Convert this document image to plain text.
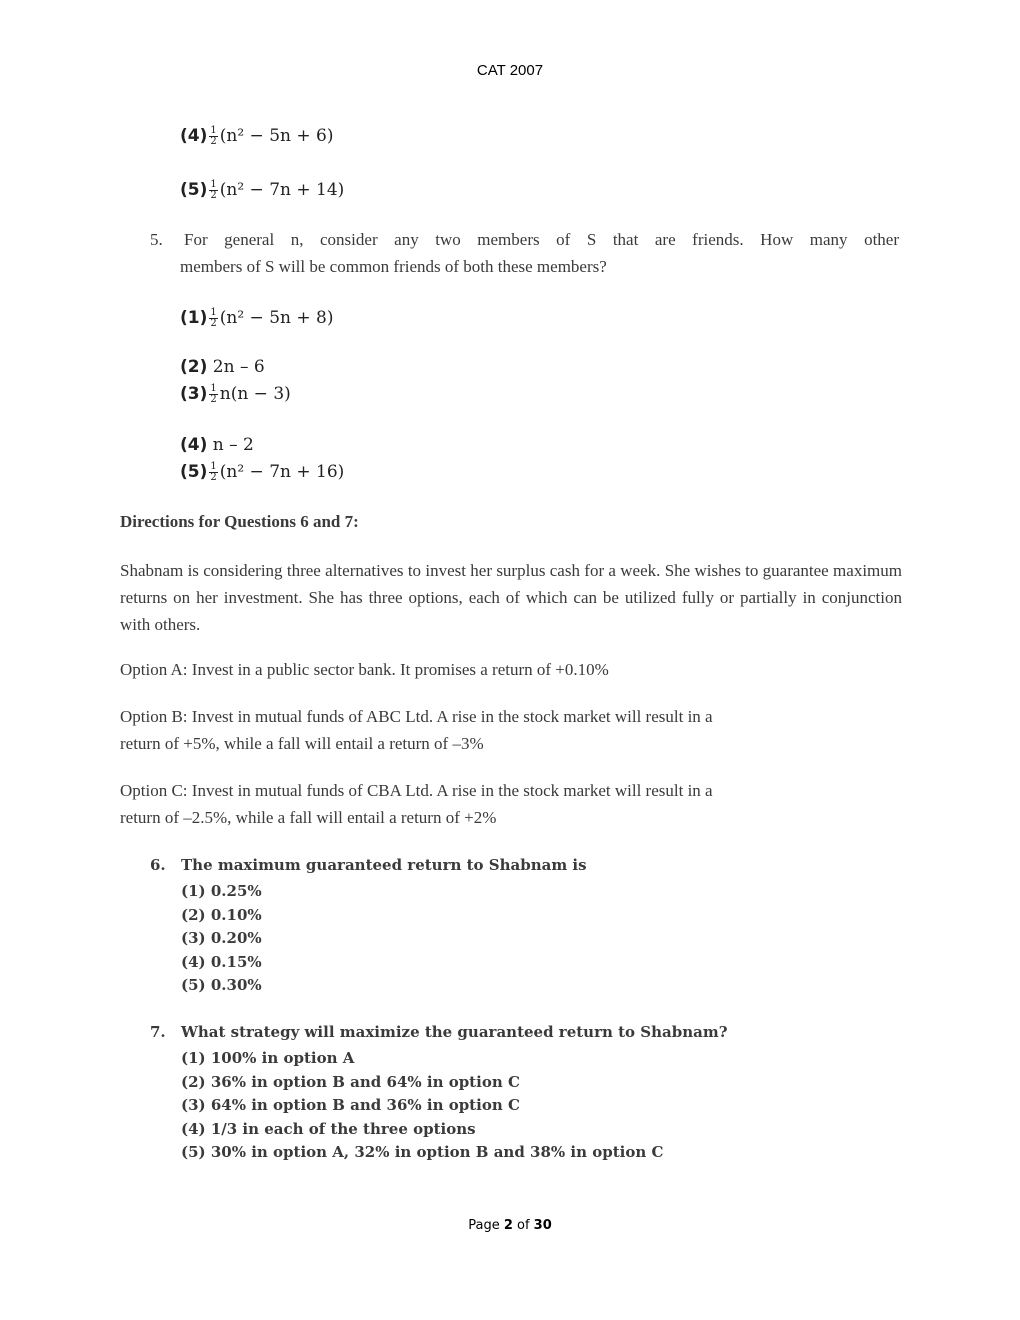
CAT 2007
$(4) \frac{1}{2} (n^2 - 5n + 6)$
$(5) \frac{1}{2} (n^2 - 7n + 14)$
5. For general n, consider any two members of S that are friends. How many other
members of S will be common friends of both these members?
$(1) \frac{1}{2} (n^2 - 5n + 8)$
(2) 2n – 6
$(3) \frac{1}{2} n(n - 3)$
(4) n – 2
$(5) \frac{1}{2} (n^2 - 7n + 16)$
Directions for Questions 6 and 7:
Shabnam is considering three alternatives to invest her surplus cash for a week. She wishes to guarantee maximum returns on her investment. She has three options, each of which can be utilized fully or partially in conjunction with others.
Option A: Invest in a public sector bank. It promises a return of +0.10%
Option B: Invest in mutual funds of ABC Ltd. A rise in the stock market will result in a
return of +5%, while a fall will entail a return of –3%
Option C: Invest in mutual funds of CBA Ltd. A rise in the stock market will result in a
return of –2.5%, while a fall will entail a return of +2%
6. The maximum guaranteed return to Shabnam is
(1) 0.25%
(2) 0.10%
(3) 0.20%
(4) 0.15%
(5) 0.30%
7. What strategy will maximize the guaranteed return to Shabnam?
(1) 100% in option A
(2) 36% in option B and 64% in option C
(3) 64% in option B and 36% in option C
(4) 1/3 in each of the three options
(5) 30% in option A, 32% in option B and 38% in option C
Page 2 of 30
